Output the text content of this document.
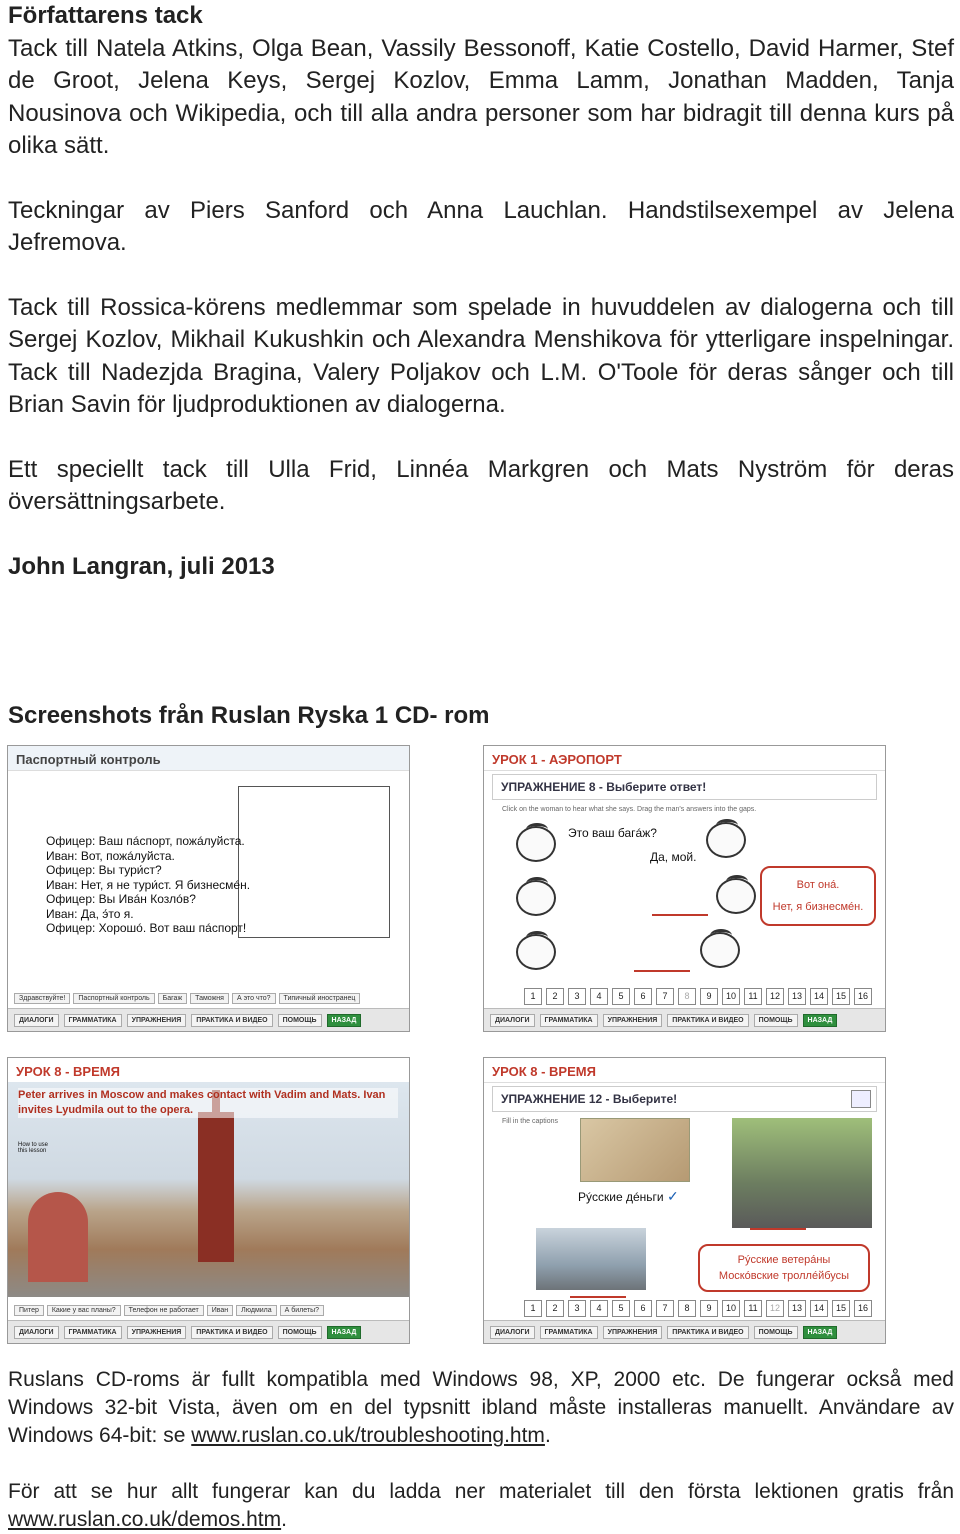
Författarens tack

Tack till Natela Atkins, Olga Bean, Vassily Bessonoff, Katie Costello, David Harmer, Stef de Groot, Jelena Keys, Sergej Kozlov, Emma Lamm, Jonathan Madden, Tanja Nousinova och Wikipedia, och till alla andra personer som har bidragit till denna kurs på olika sätt.

Teckningar av Piers Sanford och Anna Lauchlan. Handstilsexempel av Jelena Jefremova.

Tack till Rossica-körens medlemmar som spelade in huvuddelen av dialogerna och till Sergej Kozlov, Mikhail Kukushkin och Alexandra Menshikova för ytterligare inspelningar. Tack till Nadezjda Bragina, Valery Poljakov och L.M. O'Toole för deras sånger och till Brian Savin för ljudproduktionen av dialogerna.

Ett speciellt tack till Ulla Frid, Linnéa Markgren och Mats Nyström för deras översättningsarbete.

John Langran, juli 2013

Screenshots från Ruslan Ryska 1 CD- rom
Паспортный контроль
Офицер: Ваш пáспорт, пожáлуйста.
Иван: Вот, пожáлуйста.
Офицер: Вы тури́ст?
Иван: Нет, я не тури́ст. Я бизнесмéн.
Офицер: Вы Ивáн Козлóв?
Иван: Да, э́то я.
Офицер: Хорошó. Вот ваш пáспорт!
Здравствуйте!	Паспортный контроль	Багаж	Таможня	А это что?	Типичный иностранец
ДИАЛОГИ	ГРАММАТИКА	УПРАЖНЕНИЯ	ПРАКТИКА И ВИДЕО	ПОМОЩЬ	НАЗАД
УРОК 1 - АЭРОПОРТ
УПРАЖНЕНИЕ 8 - Выберите ответ!
Click on the woman to hear what she says. Drag the man's answers into the gaps.
Это ваш багáж?
Да, мой.
Вот онá.
Нет, я бизнесмéн.
1	2	3	4	5	6	7	8	9	10	11	12	13	14	15	16
ДИАЛОГИ	ГРАММАТИКА	УПРАЖНЕНИЯ	ПРАКТИКА И ВИДЕО	ПОМОЩЬ	НАЗАД
УРОК 8 - ВРЕМЯ
Peter arrives in Moscow and makes contact with Vadim and Mats. Ivan invites Lyudmila out to the opera.
How to use this lesson
Питер	Какие у вас планы?	Телефон не работает	Иван	Людмила	А билеты?
ДИАЛОГИ	ГРАММАТИКА	УПРАЖНЕНИЯ	ПРАКТИКА И ВИДЕО	ПОМОЩЬ	НАЗАД
УРОК 8 - ВРЕМЯ
УПРАЖНЕНИЕ 12 - Выберите!
Fill in the captions
Рýсские дéньги ✓
Рýсские ветерáны
Москóвские троллéйбусы
1	2	3	4	5	6	7	8	9	10	11	12	13	14	15	16
ДИАЛОГИ	ГРАММАТИКА	УПРАЖНЕНИЯ	ПРАКТИКА И ВИДЕО	ПОМОЩЬ	НАЗАД

Ruslans CD-roms är fullt kompatibla med Windows 98, XP, 2000 etc. De fungerar också med Windows 32-bit Vista, även om en del typsnitt ibland måste installeras manuellt. Användare av Windows 64-bit: se www.ruslan.co.uk/troubleshooting.htm.

För att se hur allt fungerar kan du ladda ner materialet till den första lektionen gratis från www.ruslan.co.uk/demos.htm.
